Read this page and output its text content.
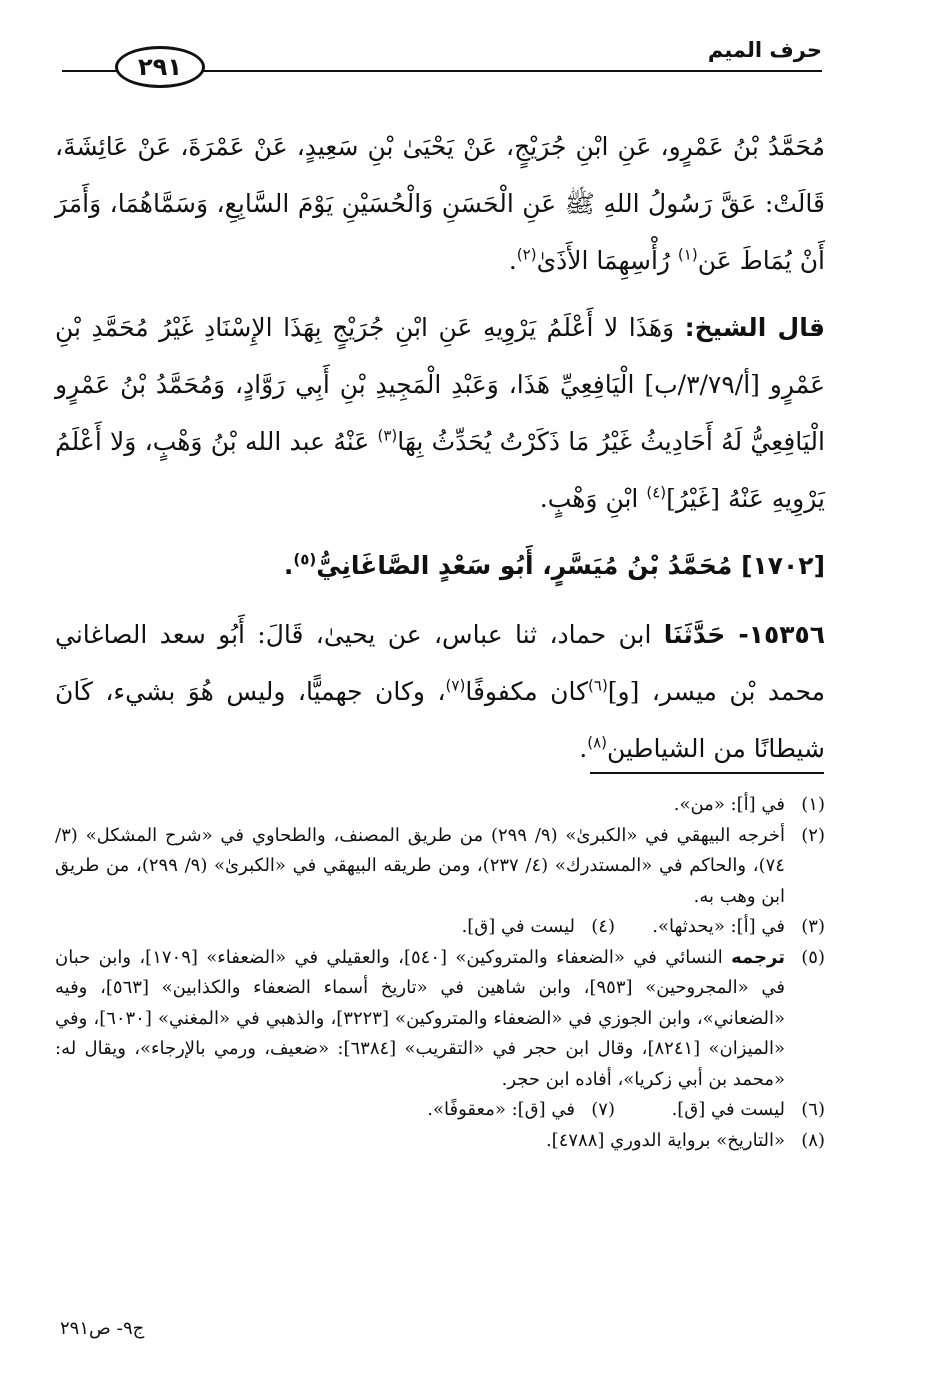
٢٩١
حرف الميم

مُحَمَّدُ بْنُ عَمْرٍو، عَنِ ابْنِ جُرَيْجٍ، عَنْ يَحْيَىٰ بْنِ سَعِيدٍ، عَنْ عَمْرَةَ، عَنْ عَائِشَةَ، قَالَتْ: عَقَّ رَسُولُ اللهِ ﷺ عَنِ الْحَسَنِ وَالْحُسَيْنِ يَوْمَ السَّابِعِ، وَسَمَّاهُمَا، وَأَمَرَ أَنْ يُمَاطَ عَن$^{(١)}$ رُأْسِهِمَا الأَذَىٰ$^{(٢)}$.

قال الشيخ: وَهَذَا لا أَعْلَمُ يَرْوِيهِ عَنِ ابْنِ جُرَيْجٍ بِهَذَا الإِسْنَادِ غَيْرُ مُحَمَّدِ بْنِ عَمْرٍو [أ/٣/٧٩/ب] الْيَافِعِيِّ هَذَا، وَعَبْدِ الْمَجِيدِ بْنِ أَبِي رَوَّادٍ، وَمُحَمَّدُ بْنُ عَمْرٍو الْيَافِعِيُّ لَهُ أَحَادِيثُ غَيْرُ مَا ذَكَرْتُ يُحَدِّثُ بِهَا$^{(٣)}$ عَنْهُ عبد الله بْنُ وَهْبٍ، وَلا أَعْلَمُ يَرْوِيهِ عَنْهُ [غَيْرُ]$^{(٤)}$ ابْنِ وَهْبٍ.

[١٧٠٢] مُحَمَّدُ بْنُ مُيَسَّرٍ، أَبُو سَعْدٍ الصَّاغَانِيُّ$^{(٥)}$.

١٥٣٥٦- حَدَّثَنَا ابن حماد، ثنا عباس، عن يحيىٰ، قَالَ: أَبُو سعد الصاغاني محمد بْن ميسر، [و]$^{(٦)}$كان مكفوفًا$^{(٧)}$، وكان جهميًّا، وليس هُوَ بشيء، كَانَ شيطانًا من الشياطين$^{(٨)}$.

(١)
في [أ]: «من».
(٢)
أخرجه البيهقي في «الكبرىٰ» (٩/ ٢٩٩) من طريق المصنف، والطحاوي في «شرح المشكل» (٣/ ٧٤)، والحاكم في «المستدرك» (٤/ ٢٣٧)، ومن طريقه البيهقي في «الكبرىٰ» (٩/ ٢٩٩)، من طريق ابن وهب به.
(٣)
في [أ]: «يحدثها».
(٤)
ليست في [ق].
(٥)
ترجمه النسائي في «الضعفاء والمتروكين» [٥٤٠]، والعقيلي في «الضعفاء» [١٧٠٩]، وابن حبان في «المجروحين» [٩٥٣]، وابن شاهين في «تاريخ أسماء الضعفاء والكذابين» [٥٦٣]، وفيه «الضعاني»، وابن الجوزي في «الضعفاء والمتروكين» [٣٢٢٣]، والذهبي في «المغني» [٦٠٣٠]، وفي «الميزان» [٨٢٤١]، وقال ابن حجر في «التقريب» [٦٣٨٤]: «ضعيف، ورمي بالإرجاء»، ويقال له: «محمد بن أبي زكريا»، أفاده ابن حجر.
(٦)
ليست في [ق].
(٧)
في [ق]: «معقوفًا».
(٨)
«التاريخ» برواية الدوري [٤٧٨٨].
ج٩- ص٢٩١
